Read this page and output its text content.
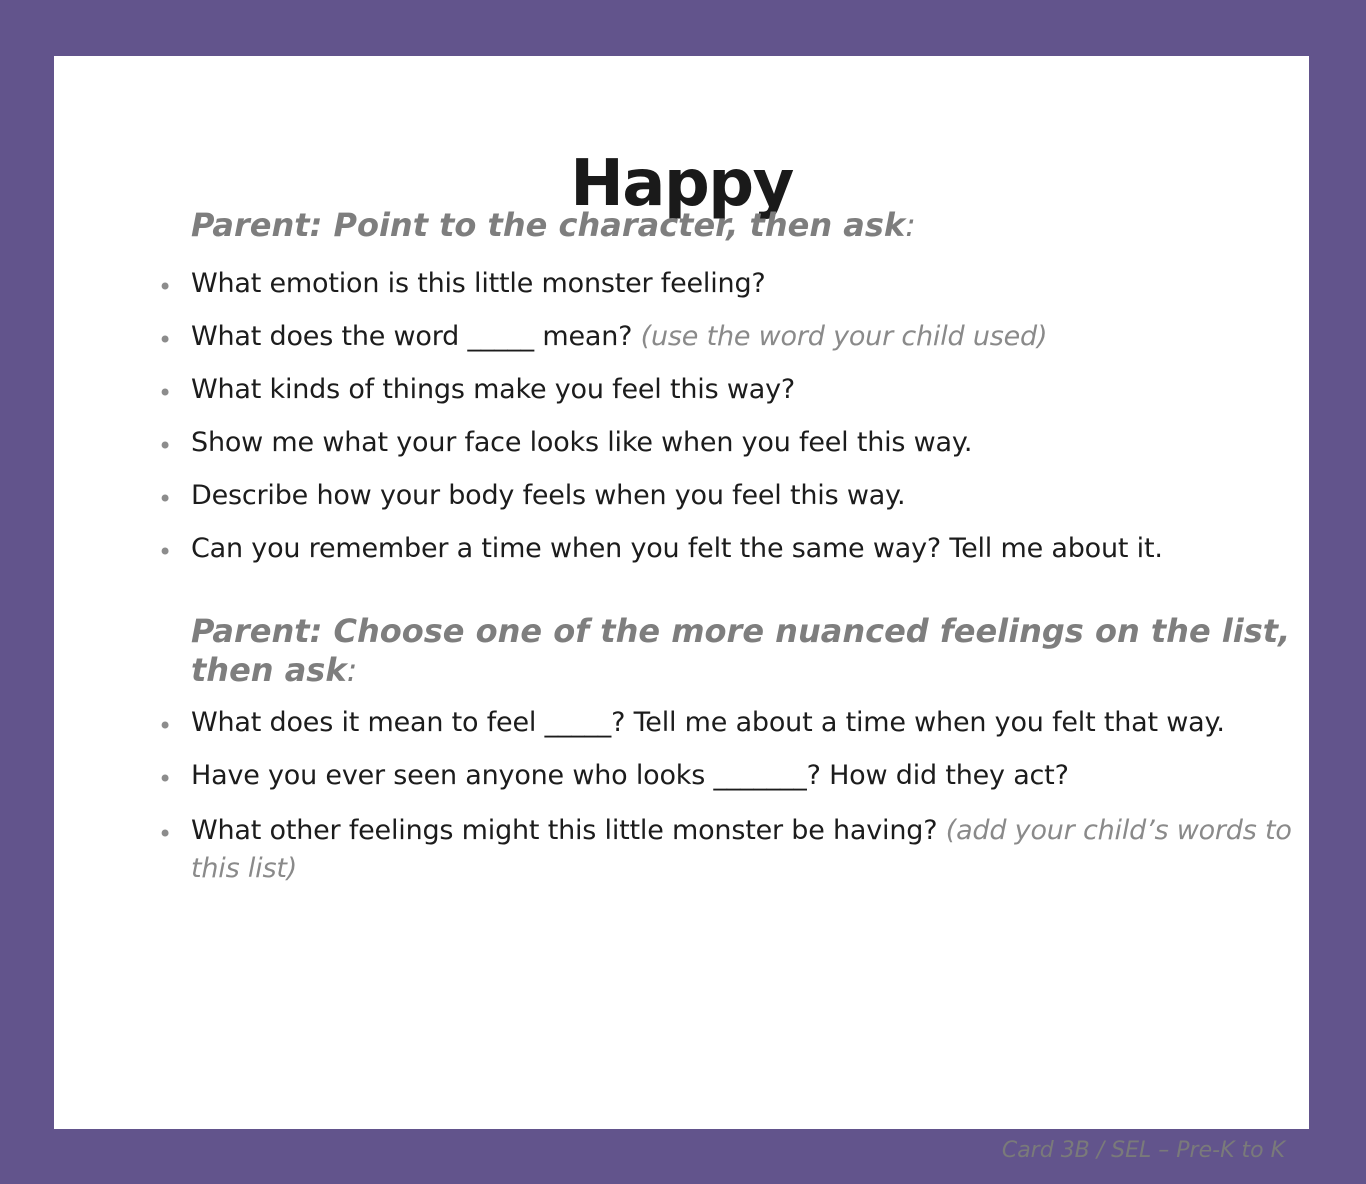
Happy

Parent: Point to the character, then ask:

• What emotion is this little monster feeling?
• What does the word _____ mean? (use the word your child used)
• What kinds of things make you feel this way?
• Show me what your face looks like when you feel this way.
• Describe how your body feels when you feel this way.
• Can you remember a time when you felt the same way? Tell me about it.

Parent: Choose one of the more nuanced feelings on the list, then ask:

• What does it mean to feel _____? Tell me about a time when you felt that way.
• Have you ever seen anyone who looks _______? How did they act?
• What other feelings might this little monster be having? (add your child’s words to this list)
Card 3B / SEL – Pre-K to K
